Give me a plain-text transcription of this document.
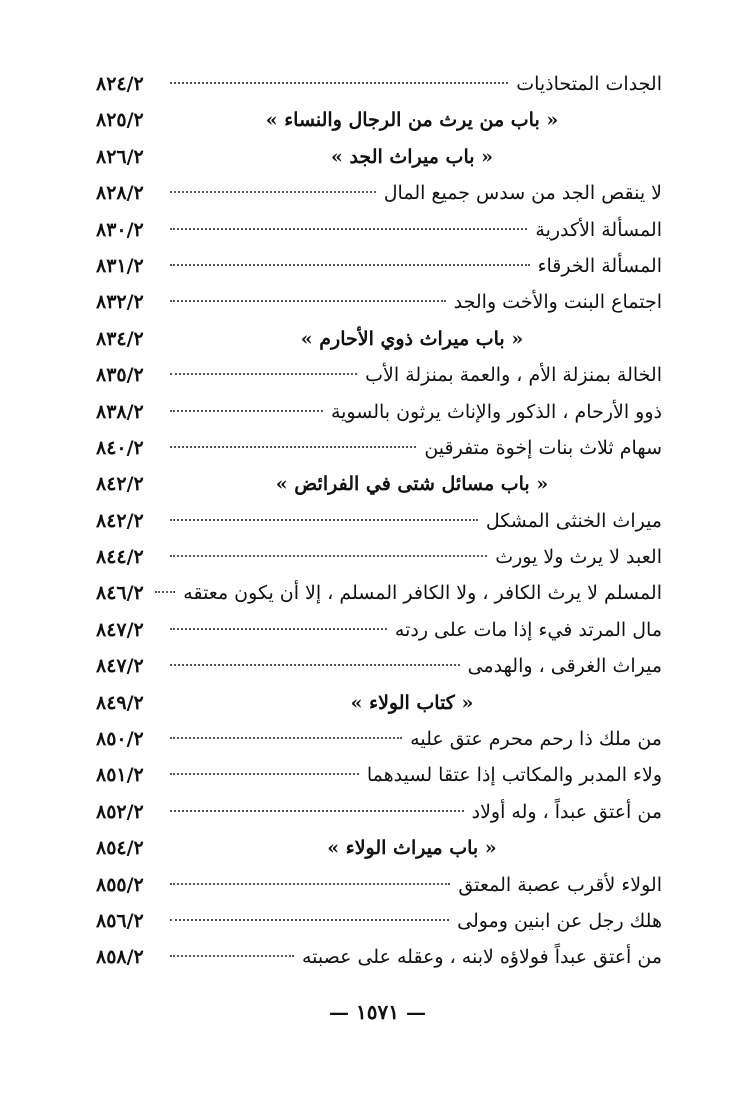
الجدات المتحاذيات
٨٢٤/٢
« باب من يرث من الرجال والنساء »
٨٢٥/٢
« باب ميراث الجد »
٨٢٦/٢
لا ينقص الجد من سدس جميع المال
٨٢٨/٢
المسألة الأكدرية
٨٣٠/٢
المسألة الخرقاء
٨٣١/٢
اجتماع البنت والأخت والجد
٨٣٢/٢
« باب ميراث ذوي الأحارم »
٨٣٤/٢
الخالة بمنزلة الأم ، والعمة بمنزلة الأب
٨٣٥/٢
ذوو الأرحام ، الذكور والإناث يرثون بالسوية
٨٣٨/٢
سهام ثلاث بنات إخوة متفرقين
٨٤٠/٢
« باب مسائل شتى في الفرائض »
٨٤٢/٢
ميراث الخنثى المشكل
٨٤٢/٢
العبد لا يرث ولا يورث
٨٤٤/٢
المسلم لا يرث الكافر ، ولا الكافر المسلم ، إلا أن يكون معتقه
٨٤٦/٢
مال المرتد فيء إذا مات على ردته
٨٤٧/٢
ميراث الغرقى ، والهدمى
٨٤٧/٢
« كتاب الولاء »
٨٤٩/٢
من ملك ذا رحم محرم عتق عليه
٨٥٠/٢
ولاء المدبر والمكاتب إذا عتقا لسيدهما
٨٥١/٢
من أعتق عبداً ، وله أولاد
٨٥٢/٢
« باب ميراث الولاء »
٨٥٤/٢
الولاء لأقرب عصبة المعتق
٨٥٥/٢
هلك رجل عن ابنين ومولى
٨٥٦/٢
من أعتق عبداً فولاؤه لابنه ، وعقله على عصبته
٨٥٨/٢
— ١٥٧١ —
